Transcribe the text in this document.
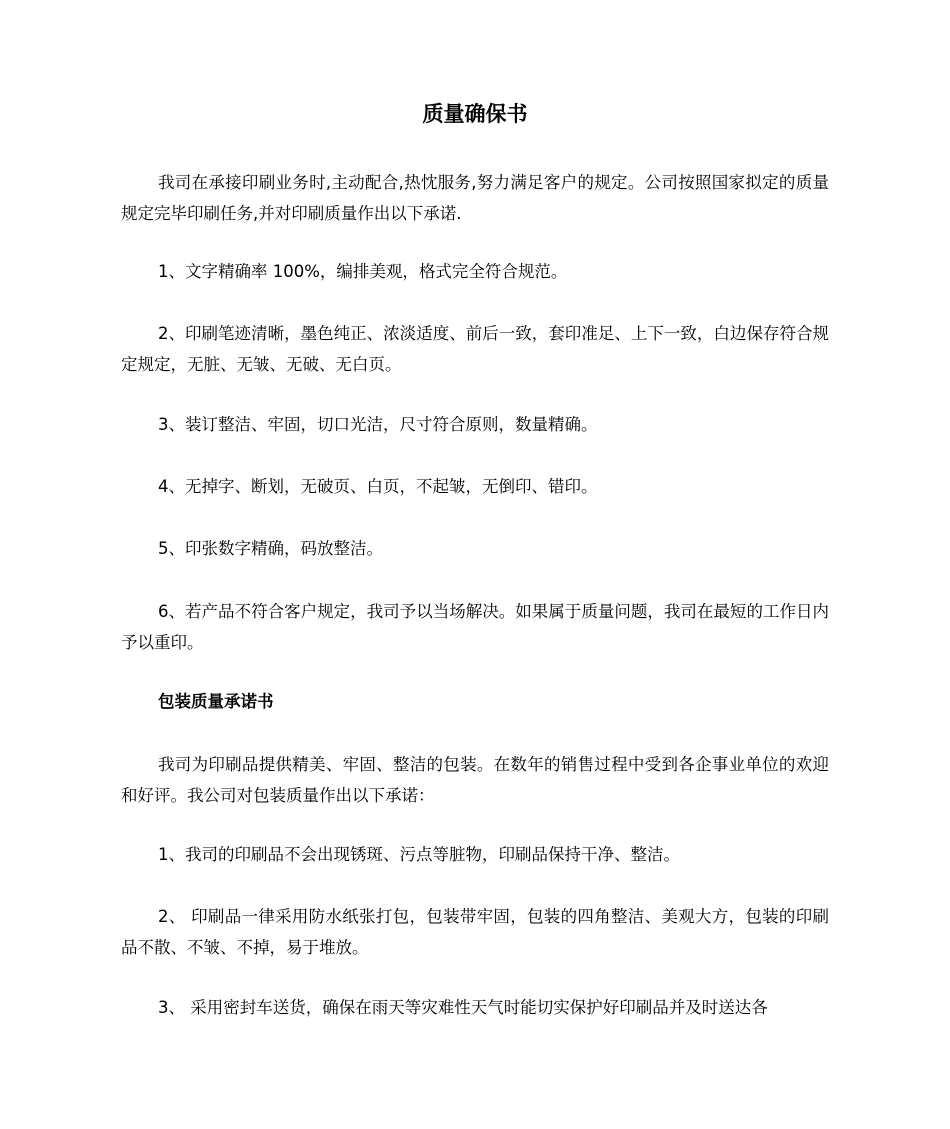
质量确保书

我司在承接印刷业务时,主动配合,热忱服务,努力满足客户的规定。公司按照国家拟定的质量规定完毕印刷任务,并对印刷质量作出以下承诺.

1、文字精确率 100%，编排美观，格式完全符合规范。

2、印刷笔迹清晰，墨色纯正、浓淡适度、前后一致，套印准足、上下一致，白边保存符合规定规定，无脏、无皱、无破、无白页。

3、装订整洁、牢固，切口光洁，尺寸符合原则，数量精确。

4、无掉字、断划，无破页、白页，不起皱，无倒印、错印。

5、印张数字精确，码放整洁。

6、若产品不符合客户规定，我司予以当场解决。如果属于质量问题，我司在最短的工作日内予以重印。

包装质量承诺书

我司为印刷品提供精美、牢固、整洁的包装。在数年的销售过程中受到各企事业单位的欢迎和好评。我公司对包装质量作出以下承诺：

1、我司的印刷品不会出现锈斑、污点等脏物，印刷品保持干净、整洁。

2、 印刷品一律采用防水纸张打包，包装带牢固，包装的四角整洁、美观大方，包装的印刷品不散、不皱、不掉，易于堆放。

3、 采用密封车送货，确保在雨天等灾难性天气时能切实保护好印刷品并及时送达各
